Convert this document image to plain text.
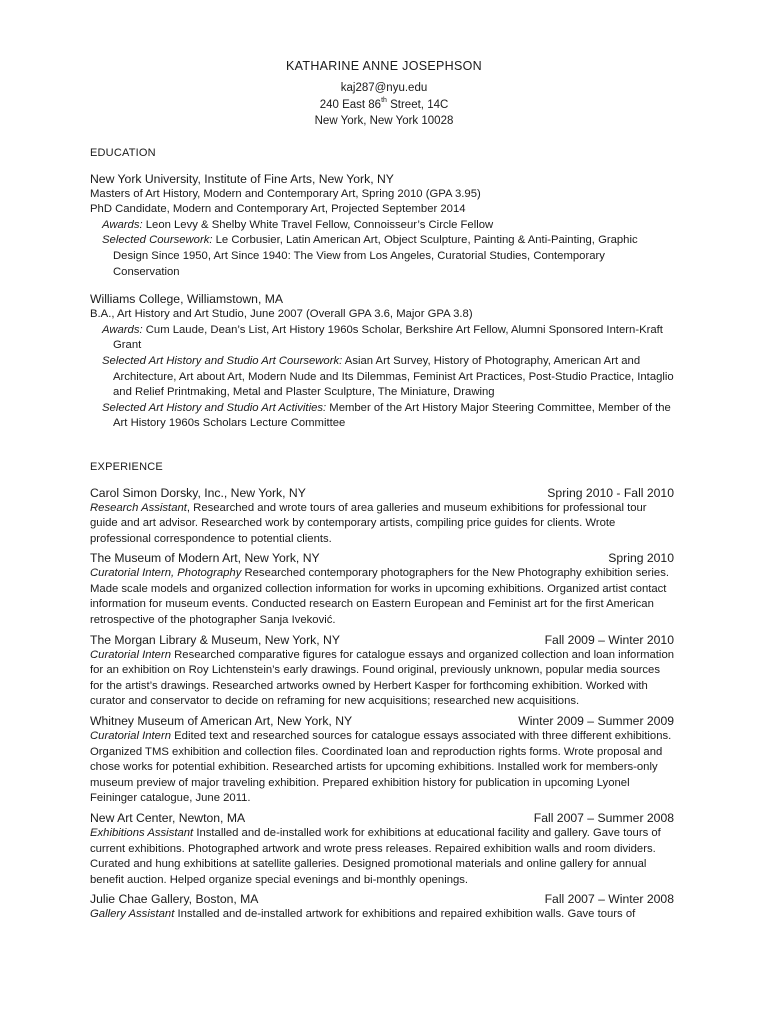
KATHARINE ANNE JOSEPHSON
kaj287@nyu.edu
240 East 86th Street, 14C
New York, New York 10028
EDUCATION
New York University, Institute of Fine Arts, New York, NY

Masters of Art History, Modern and Contemporary Art, Spring 2010 (GPA 3.95)

PhD Candidate, Modern and Contemporary Art, Projected September 2014

Awards: Leon Levy & Shelby White Travel Fellow, Connoisseur’s Circle Fellow

Selected Coursework: Le Corbusier, Latin American Art, Object Sculpture, Painting & Anti-Painting, Graphic Design Since 1950, Art Since 1940: The View from Los Angeles, Curatorial Studies, Contemporary Conservation

Williams College, Williamstown, MA

B.A., Art History and Art Studio, June 2007 (Overall GPA 3.6, Major GPA 3.8)

Awards: Cum Laude, Dean’s List, Art History 1960s Scholar, Berkshire Art Fellow, Alumni Sponsored Intern-Kraft Grant

Selected Art History and Studio Art Coursework: Asian Art Survey, History of Photography, American Art and Architecture, Art about Art, Modern Nude and Its Dilemmas, Feminist Art Practices, Post-Studio Practice, Intaglio and Relief Printmaking, Metal and Plaster Sculpture, The Miniature, Drawing

Selected Art History and Studio Art Activities: Member of the Art History Major Steering Committee, Member of the Art History 1960s Scholars Lecture Committee

EXPERIENCE
Carol Simon Dorsky, Inc., New York, NY	Spring 2010 - Fall 2010

Research Assistant, Researched and wrote tours of area galleries and museum exhibitions for professional tour guide and art advisor. Researched work by contemporary artists, compiling price guides for clients. Wrote professional correspondence to potential clients.

The Museum of Modern Art, New York, NY	Spring 2010

Curatorial Intern, Photography Researched contemporary photographers for the New Photography exhibition series. Made scale models and organized collection information for works in upcoming exhibitions. Organized artist contact information for museum events. Conducted research on Eastern European and Feminist art for the first American retrospective of the photographer Sanja Iveković.

The Morgan Library & Museum, New York, NY	Fall 2009 – Winter 2010

Curatorial Intern Researched comparative figures for catalogue essays and organized collection and loan information for an exhibition on Roy Lichtenstein’s early drawings. Found original, previously unknown, popular media sources for the artist’s drawings. Researched artworks owned by Herbert Kasper for forthcoming exhibition. Worked with curator and conservator to decide on reframing for new acquisitions; researched new acquisitions.

Whitney Museum of American Art, New York, NY	Winter 2009 – Summer 2009

Curatorial Intern Edited text and researched sources for catalogue essays associated with three different exhibitions. Organized TMS exhibition and collection files. Coordinated loan and reproduction rights forms. Wrote proposal and chose works for potential exhibition. Researched artists for upcoming exhibitions. Installed work for members-only museum preview of major traveling exhibition. Prepared exhibition history for publication in upcoming Lyonel Feininger catalogue, June 2011.

New Art Center, Newton, MA	Fall 2007 – Summer 2008

Exhibitions Assistant Installed and de-installed work for exhibitions at educational facility and gallery. Gave tours of current exhibitions. Photographed artwork and wrote press releases. Repaired exhibition walls and room dividers. Curated and hung exhibitions at satellite galleries. Designed promotional materials and online gallery for annual benefit auction. Helped organize special evenings and bi-monthly openings.

Julie Chae Gallery, Boston, MA	Fall 2007 – Winter 2008

Gallery Assistant Installed and de-installed artwork for exhibitions and repaired exhibition walls. Gave tours of
